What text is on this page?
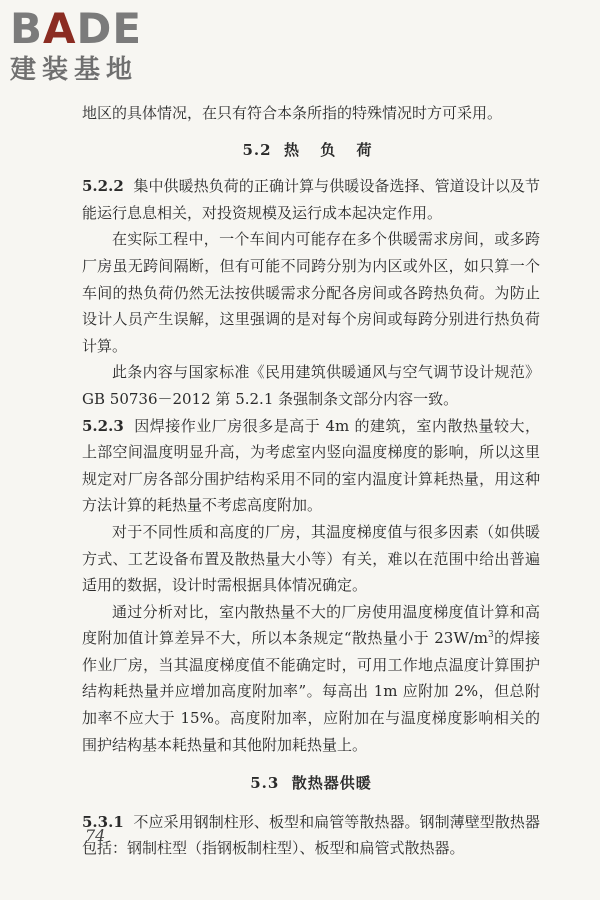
BADE
建装基地

地区的具体情况，在只有符合本条所指的特殊情况时方可采用。

5.2 热 负 荷

5.2.2 集中供暖热负荷的正确计算与供暖设备选择、管道设计以及节能运行息息相关，对投资规模及运行成本起决定作用。

在实际工程中，一个车间内可能存在多个供暖需求房间，或多跨厂房虽无跨间隔断，但有可能不同跨分别为内区或外区，如只算一个车间的热负荷仍然无法按供暖需求分配各房间或各跨热负荷。为防止设计人员产生误解，这里强调的是对每个房间或每跨分别进行热负荷计算。

此条内容与国家标准《民用建筑供暖通风与空气调节设计规范》GB 50736－2012 第 5.2.1 条强制条文部分内容一致。

5.2.3 因焊接作业厂房很多是高于 4m 的建筑，室内散热量较大，上部空间温度明显升高，为考虑室内竖向温度梯度的影响，所以这里规定对厂房各部分围护结构采用不同的室内温度计算耗热量，用这种方法计算的耗热量不考虑高度附加。

对于不同性质和高度的厂房，其温度梯度值与很多因素（如供暖方式、工艺设备布置及散热量大小等）有关，难以在范围中给出普遍适用的数据，设计时需根据具体情况确定。

通过分析对比，室内散热量不大的厂房使用温度梯度值计算和高度附加值计算差异不大，所以本条规定“散热量小于 $23W/m^3$的焊接作业厂房，当其温度梯度值不能确定时，可用工作地点温度计算围护结构耗热量并应增加高度附加率”。每高出 1m 应附加 2%，但总附加率不应大于 15%。高度附加率，应附加在与温度梯度影响相关的围护结构基本耗热量和其他附加耗热量上。

5.3 散热器供暖

5.3.1 不应采用钢制柱形、板型和扁管等散热器。钢制薄壁型散热器包括：钢制柱型（指钢板制柱型）、板型和扁管式散热器。

74
